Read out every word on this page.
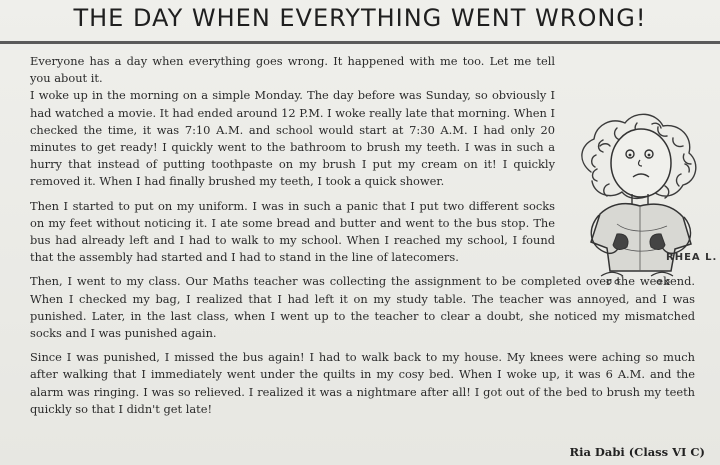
THE DAY WHEN EVERYTHING WENT WRONG!

Everyone has a day when everything goes wrong. It happened with me too. Let me tell you about it.

I woke up in the morning on a simple Monday. The day before was Sunday, so obviously I had watched a movie. It had ended around 12 P.M. I woke really late that morning. When I checked the time, it was 7:10 A.M. and school would start at 7:30 A.M. I had only 20 minutes to get ready! I quickly went to the bathroom to brush my teeth. I was in such a hurry that instead of putting toothpaste on my brush I put my cream on it! I quickly removed it. When I had finally brushed my teeth, I took a quick shower.

Then I started to put on my uniform. I was in such a panic that I put two different socks on my feet without noticing it. I ate some bread and butter and went to the bus stop. The bus had already left and I had to walk to my school. When I reached my school, I found that the assembly had started and I had to stand in the line of latecomers.

Then, I went to my class. Our Maths teacher was collecting the assignment to be completed over the weekend. When I checked my bag, I realized that I had left it on my study table. The teacher was annoyed, and I was punished. Later, in the last class, when I went up to the teacher to clear a doubt, she noticed my mismatched socks and I was punished again.

Since I was punished, I missed the bus again! I had to walk back to my house. My knees were aching so much after walking that I immediately went under the quilts in my cosy bed. When I woke up, it was 6 A.M. and the alarm was ringing. I was so relieved. I realized it was a nightmare after all! I got out of the bed to brush my teeth quickly so that I didn't get late!

RHEA L.
Ria Dabi (Class VI C)
